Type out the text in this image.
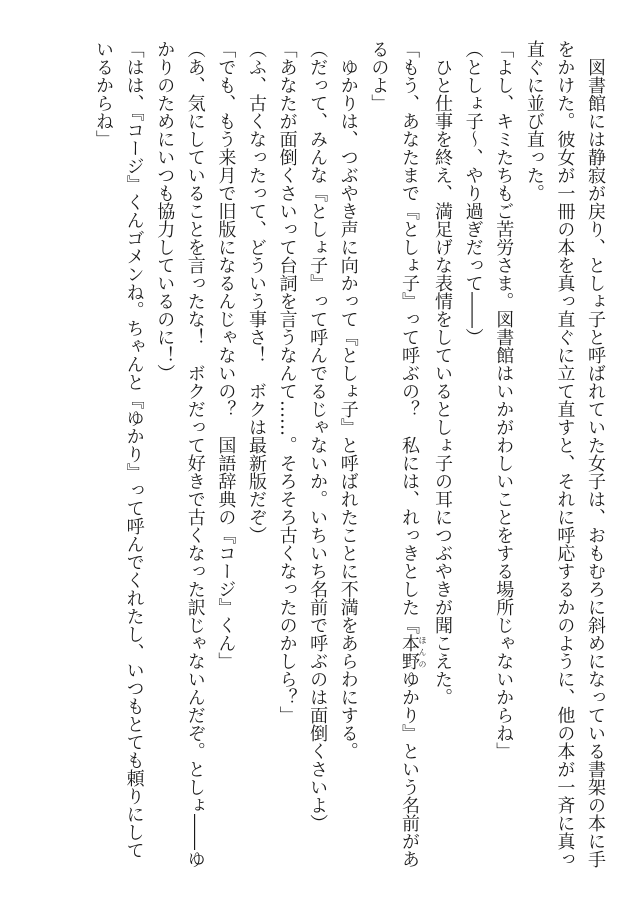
図書館には静寂が戻り、としょ子と呼ばれていた女子は、おもむろに斜めになっている書架の本に手をかけた。彼女が一冊の本を真っ直ぐに立て直すと、それに呼応するかのように、他の本が一斉に真っ直ぐに並び直った。

「よし、キミたちもご苦労さま。図書館はいかがわしいことをする場所じゃないからね」

（としょ子〜、やり過ぎだって――）

ひと仕事を終え、満足げな表情をしているとしょ子の耳につぶやきが聞こえた。

「もう、あなたまで『としょ子』って呼ぶの？　私には、れっきとした『本野ほんのゆかり』という名前があるのよ」

ゆかりは、つぶやき声に向かって『としょ子』と呼ばれたことに不満をあらわにする。

（だって、みんな『としょ子』って呼んでるじゃないか。いちいち名前で呼ぶのは面倒くさいよ）

「あなたが面倒くさいって台詞を言うなんて……。そろそろ古くなったのかしら？」

（ふ、古くなったって、どういう事さ！　ボクは最新版だぞ）

「でも、もう来月で旧版になるんじゃないの？　国語辞典の『コージ』くん」

（あ、気にしていることを言ったな！　ボクだって好きで古くなった訳じゃないんだぞ。としょ――ゆかりのためにいつも協力しているのに！）

「はは、『コージ』くんゴメンね。ちゃんと『ゆかり』って呼んでくれたし、いつもとても頼りにしているからね」
